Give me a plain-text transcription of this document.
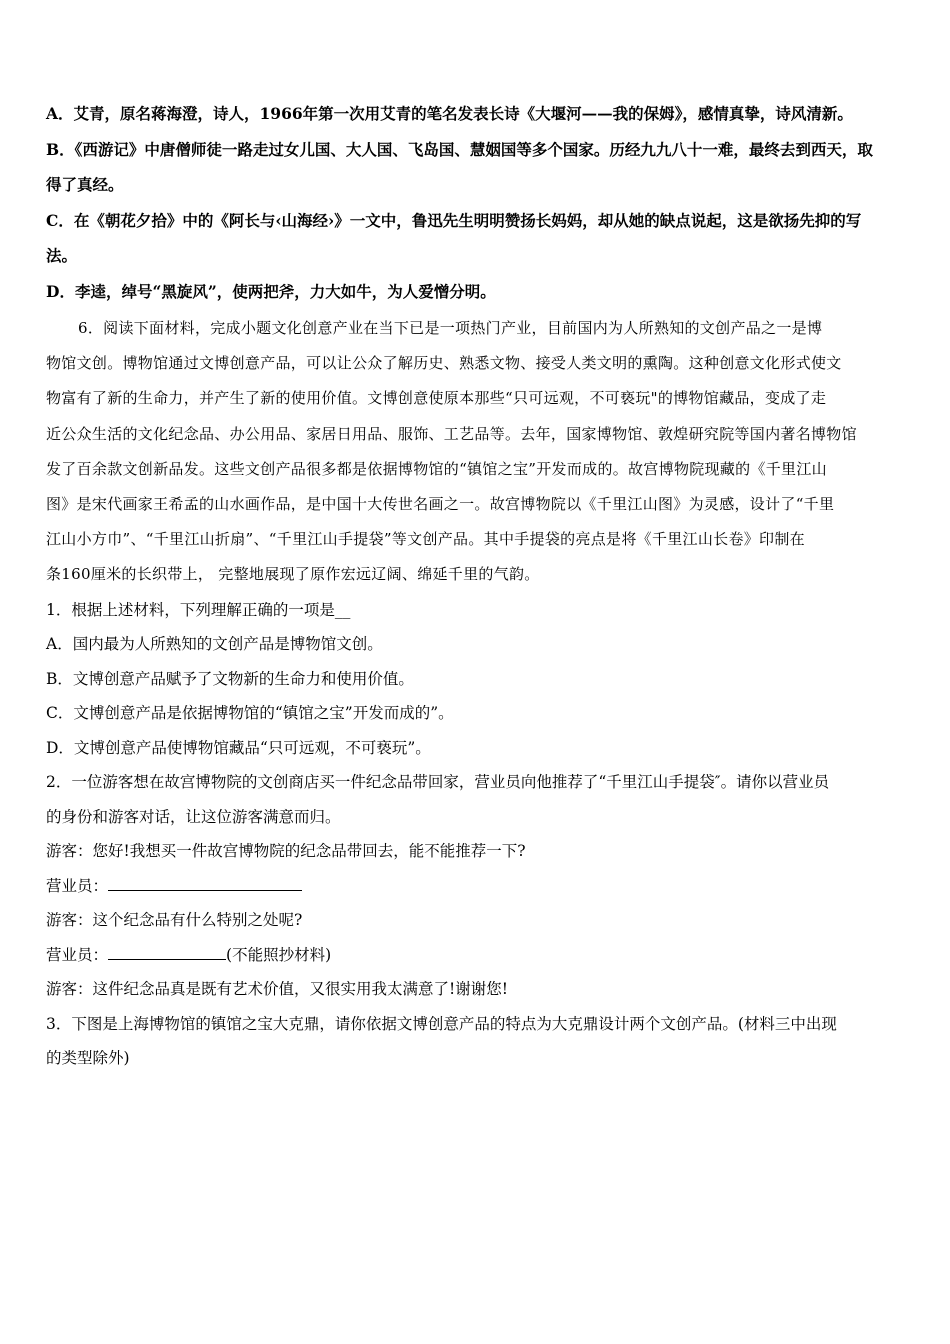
A．艾青，原名蒋海澄，诗人，1966年第一次用艾青的笔名发表长诗《大堰河——我的保姆》，感情真挚，诗风清新。

B．《西游记》中唐僧师徒一路走过女儿国、大人国、飞岛国、慧姻国等多个国家。历经九九八十一难，最终去到西天，取

得了真经。

C．在《朝花夕拾》中的《阿长与‹山海经›》一文中，鲁迅先生明明赞扬长妈妈，却从她的缺点说起，这是欲扬先抑的写

法。

D．李逵，绰号“黑旋风”，使两把斧，力大如牛，为人爱憎分明。

6．阅读下面材料，完成小题文化创意产业在当下已是一项热门产业，目前国内为人所熟知的文创产品之一是博

物馆文创。博物馆通过文博创意产品，可以让公众了解历史、熟悉文物、接受人类文明的熏陶。这种创意文化形式使文

物富有了新的生命力，并产生了新的使用价值。文博创意使原本那些“只可远观，不可亵玩"的博物馆藏品，变成了走

近公众生活的文化纪念品、办公用品、家居日用品、服饰、工艺品等。去年，国家博物馆、敦煌研究院等国内著名博物馆

发了百余款文创新品发。这些文创产品很多都是依据博物馆的“镇馆之宝”开发而成的。故宫博物院现藏的《千里江山

图》是宋代画家王希孟的山水画作品，是中国十大传世名画之一。故宫博物院以《千里江山图》为灵感，设计了“千里

江山小方巾”、“千里江山折扇”、“千里江山手提袋”等文创产品。其中手提袋的亮点是将《千里江山长卷》印制在

条160厘米的长织带上， 完整地展现了原作宏远辽阔、绵延千里的气韵。

1．根据上述材料，下列理解正确的一项是__

A．国内最为人所熟知的文创产品是博物馆文创。

B．文博创意产品赋予了文物新的生命力和使用价值。

C．文博创意产品是依据博物馆的“镇馆之宝”开发而成的”。

D．文博创意产品使博物馆藏品“只可远观，不可亵玩”。

2．一位游客想在故宫博物院的文创商店买一件纪念品带回家，营业员向他推荐了“千里江山手提袋″。请你以营业员

的身份和游客对话，让这位游客满意而归。

游客：您好!我想买一件故宫博物院的纪念品带回去，能不能推荐一下?

营业员：

游客：这个纪念品有什么特别之处呢?

营业员：	(不能照抄材料)

游客：这件纪念品真是既有艺术价值，又很实用我太满意了!谢谢您!

3．下图是上海博物馆的镇馆之宝大克鼎，请你依据文博创意产品的特点为大克鼎设计两个文创产品。(材料三中出现

的类型除外)
